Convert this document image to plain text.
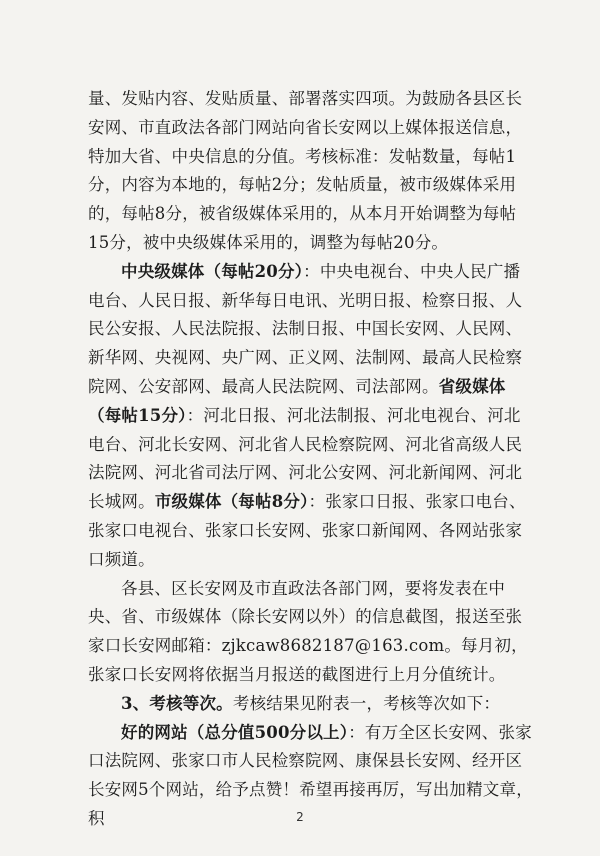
量、发贴内容、发贴质量、部署落实四项。为鼓励各县区长安网、市直政法各部门网站向省长安网以上媒体报送信息，特加大省、中央信息的分值。考核标准：发帖数量，每帖1分，内容为本地的，每帖2分；发帖质量，被市级媒体采用的，每帖8分，被省级媒体采用的，从本月开始调整为每帖15分，被中央级媒体采用的，调整为每帖20分。

中央级媒体（每帖20分）：中央电视台、中央人民广播电台、人民日报、新华每日电讯、光明日报、检察日报、人民公安报、人民法院报、法制日报、中国长安网、人民网、新华网、央视网、央广网、正义网、法制网、最高人民检察院网、公安部网、最高人民法院网、司法部网。省级媒体（每帖15分）：河北日报、河北法制报、河北电视台、河北电台、河北长安网、河北省人民检察院网、河北省高级人民法院网、河北省司法厅网、河北公安网、河北新闻网、河北长城网。市级媒体（每帖8分）：张家口日报、张家口电台、张家口电视台、张家口长安网、张家口新闻网、各网站张家口频道。

各县、区长安网及市直政法各部门网，要将发表在中央、省、市级媒体（除长安网以外）的信息截图，报送至张家口长安网邮箱：zjkcaw8682187@163.com。每月初，张家口长安网将依据当月报送的截图进行上月分值统计。

3、考核等次。考核结果见附表一，考核等次如下：

好的网站（总分值500分以上）：有万全区长安网、张家口法院网、张家口市人民检察院网、康保县长安网、经开区长安网5个网站，给予点赞！希望再接再厉，写出加精文章，积	2
